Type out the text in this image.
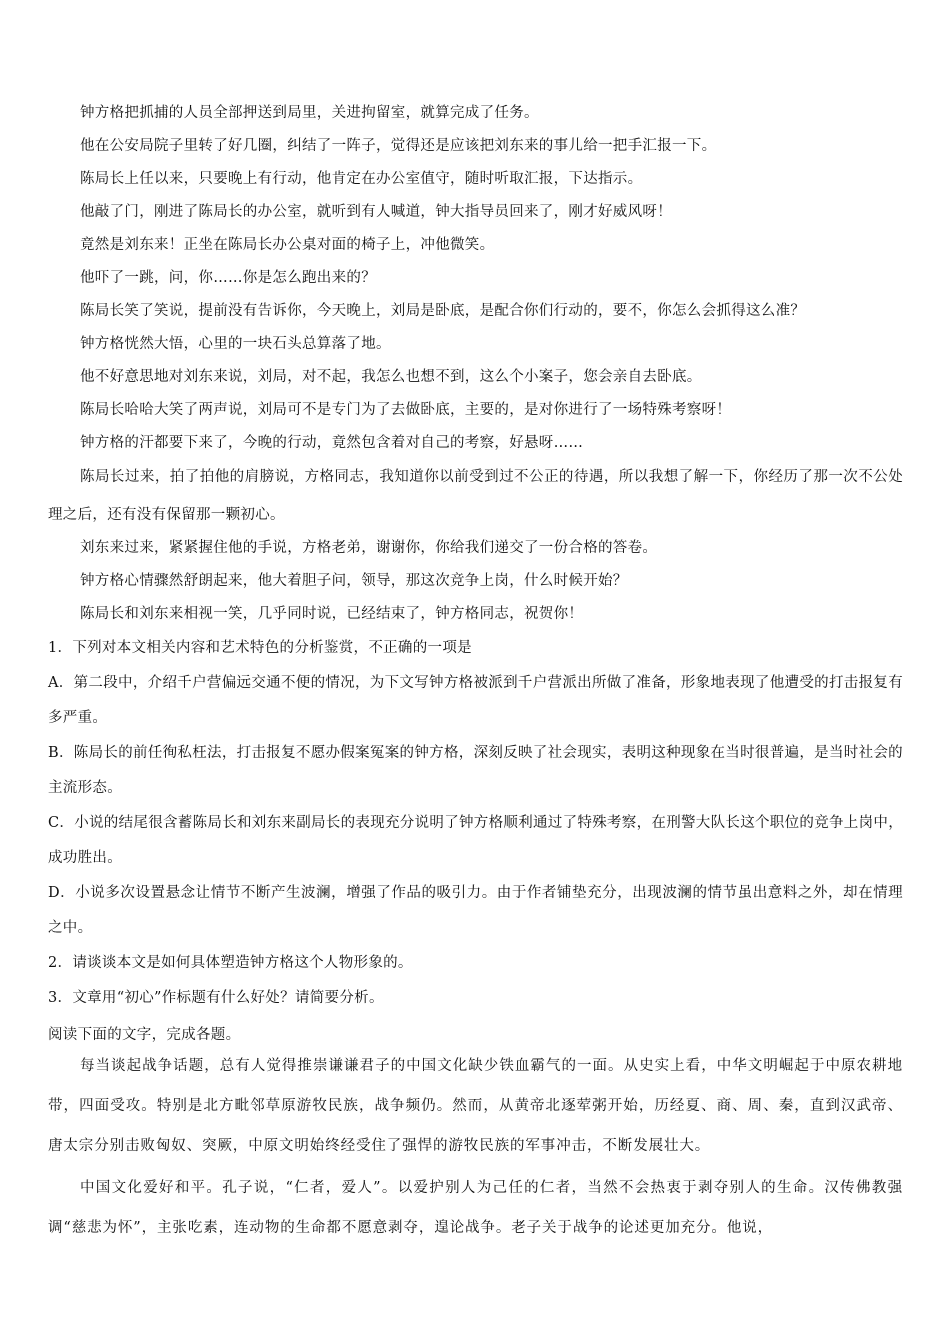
钟方格把抓捕的人员全部押送到局里，关进拘留室，就算完成了任务。

他在公安局院子里转了好几圈，纠结了一阵子，觉得还是应该把刘东来的事儿给一把手汇报一下。

陈局长上任以来，只要晚上有行动，他肯定在办公室值守，随时听取汇报，下达指示。

他敲了门，刚进了陈局长的办公室，就听到有人喊道，钟大指导员回来了，刚才好威风呀！

竟然是刘东来！正坐在陈局长办公桌对面的椅子上，冲他微笑。

他吓了一跳，问，你……你是怎么跑出来的？

陈局长笑了笑说，提前没有告诉你，今天晚上，刘局是卧底，是配合你们行动的，要不，你怎么会抓得这么准？

钟方格恍然大悟，心里的一块石头总算落了地。

他不好意思地对刘东来说，刘局，对不起，我怎么也想不到，这么个小案子，您会亲自去卧底。

陈局长哈哈大笑了两声说，刘局可不是专门为了去做卧底，主要的，是对你进行了一场特殊考察呀！

钟方格的汗都要下来了，今晚的行动，竟然包含着对自己的考察，好悬呀……

陈局长过来，拍了拍他的肩膀说，方格同志，我知道你以前受到过不公正的待遇，所以我想了解一下，你经历了那一次不公处理之后，还有没有保留那一颗初心。

刘东来过来，紧紧握住他的手说，方格老弟，谢谢你，你给我们递交了一份合格的答卷。

钟方格心情骤然舒朗起来，他大着胆子问，领导，那这次竞争上岗，什么时候开始？

陈局长和刘东来相视一笑，几乎同时说，已经结束了，钟方格同志，祝贺你！

1．下列对本文相关内容和艺术特色的分析鉴赏，不正确的一项是

A．第二段中，介绍千户营偏远交通不便的情况，为下文写钟方格被派到千户营派出所做了准备，形象地表现了他遭受的打击报复有多严重。

B．陈局长的前任徇私枉法，打击报复不愿办假案冤案的钟方格，深刻反映了社会现实，表明这种现象在当时很普遍，是当时社会的主流形态。

C．小说的结尾很含蓄陈局长和刘东来副局长的表现充分说明了钟方格顺利通过了特殊考察，在刑警大队长这个职位的竞争上岗中，成功胜出。

D．小说多次设置悬念让情节不断产生波澜，增强了作品的吸引力。由于作者铺垫充分，出现波澜的情节虽出意料之外，却在情理之中。

2．请谈谈本文是如何具体塑造钟方格这个人物形象的。

3．文章用“初心”作标题有什么好处？请简要分析。

阅读下面的文字，完成各题。

每当谈起战争话题，总有人觉得推崇谦谦君子的中国文化缺少铁血霸气的一面。从史实上看，中华文明崛起于中原农耕地带，四面受攻。特别是北方毗邻草原游牧民族，战争频仍。然而，从黄帝北逐荤粥开始，历经夏、商、周、秦，直到汉武帝、唐太宗分别击败匈奴、突厥，中原文明始终经受住了强悍的游牧民族的军事冲击，不断发展壮大。

中国文化爱好和平。孔子说，“仁者，爱人”。以爱护别人为己任的仁者，当然不会热衷于剥夺别人的生命。汉传佛教强调“慈悲为怀”，主张吃素，连动物的生命都不愿意剥夺，遑论战争。老子关于战争的论述更加充分。他说，
